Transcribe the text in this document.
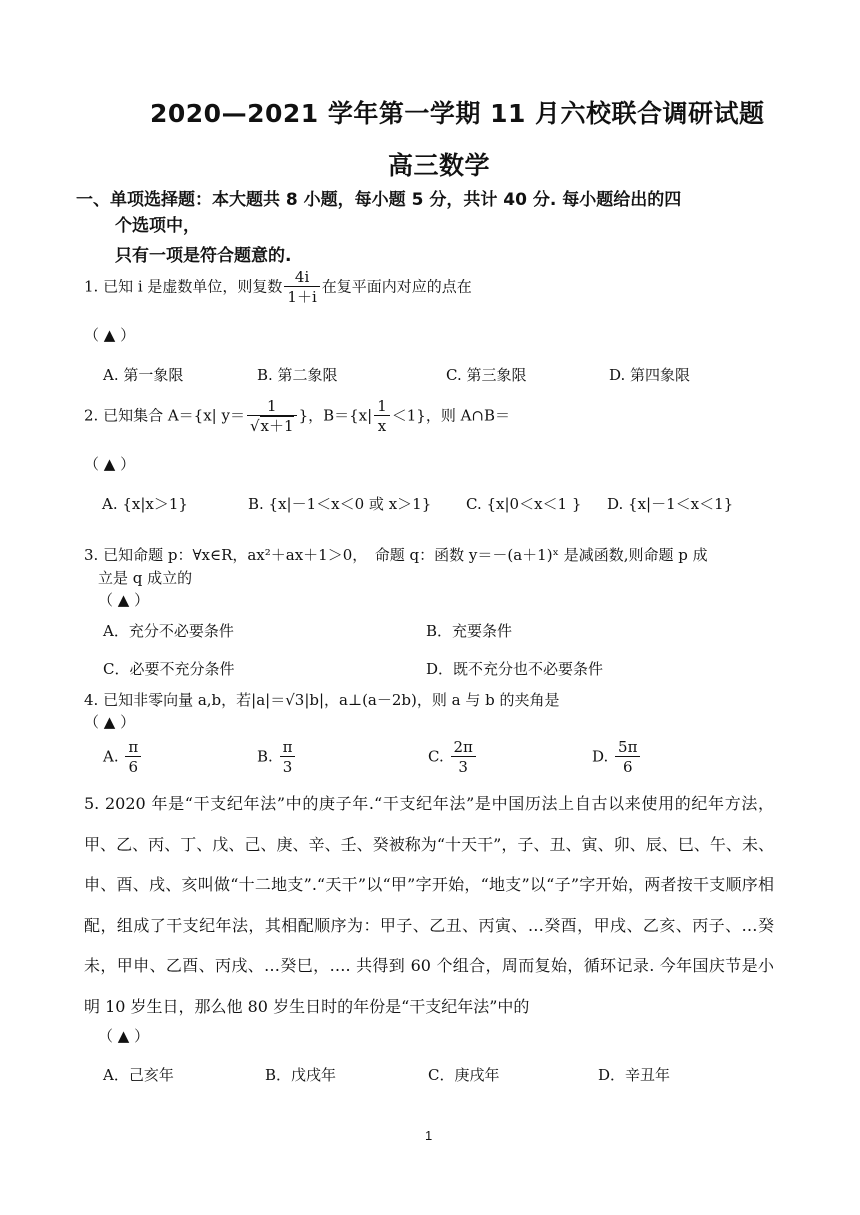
2020—2021 学年第一学期 11 月六校联合调研试题
高三数学
一、单项选择题：本大题共 8 小题，每小题 5 分，共计 40 分. 每小题给出的四
个选项中，
只有一项是符合题意的.
1. 已知 i 是虚数单位，则复数 $\frac{4i}{1+i}$ 在复平面内对应的点在
（ ▲ ）
A. 第一象限	B. 第二象限	C. 第三象限	D. 第四象限
2. 已知集合 A＝{x| $y= \frac{1}{√x+1}$ }，$B=\{x| \frac{1}{x} <1\}$，则 A∩B＝
（ ▲ ）
A. {x|x＞1}	B. {x|－1＜x＜0 或 x＞1} C. {x|0＜x＜1 } D. {x|－1＜x＜1}
3. 已知命题 p：∀x∈R，ax²＋ax＋1＞0，　命题 q：函数 y＝－(a＋1)ˣ 是减函数,则命题 p 成
立是 q 成立的
（ ▲ ）
A．充分不必要条件	B．充要条件
C．必要不充分条件	D．既不充分也不必要条件
4. 已知非零向量 a,b，若|a|＝√3|b|，a⊥(a－2b)，则 a 与 b 的夹角是
（ ▲ ）
A. $\frac{\pi}{6}$	B. $\frac{\pi}{3}$	C. $\frac{2\pi}{3}$	D. $\frac{5\pi}{6}$
5. 2020 年是“干支纪年法”中的庚子年.“干支纪年法”是中国历法上自古以来使用的纪年方法，甲、乙、丙、丁、戊、己、庚、辛、壬、癸被称为“十天干”，子、丑、寅、卯、辰、巳、午、未、申、酉、戌、亥叫做“十二地支”.“天干”以“甲”字开始，“地支”以“子”字开始，两者按干支顺序相配，组成了干支纪年法，其相配顺序为：甲子、乙丑、丙寅、…癸酉，甲戌、乙亥、丙子、…癸未，甲申、乙酉、丙戌、…癸巳，…. 共得到 60 个组合，周而复始，循环记录. 今年国庆节是小明 10 岁生日，那么他 80 岁生日时的年份是“干支纪年法”中的
（ ▲ ）
A．己亥年	B．戊戌年	C．庚戌年	D．辛丑年
1
